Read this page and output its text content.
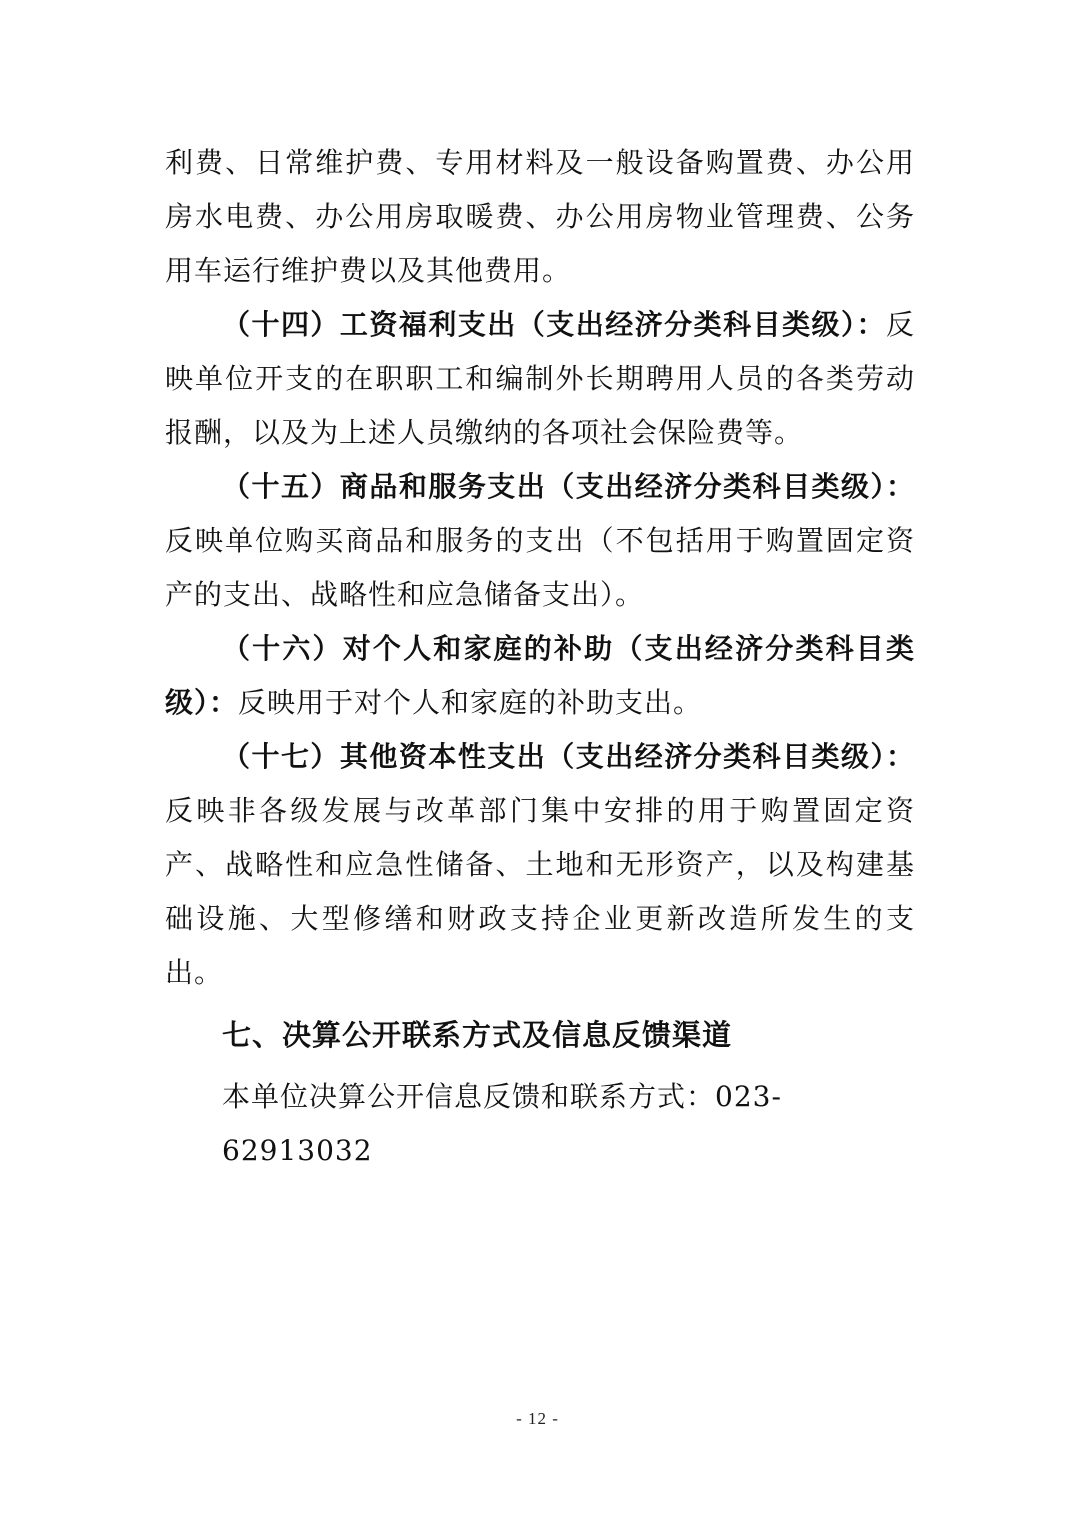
利费、日常维护费、专用材料及一般设备购置费、办公用房水电费、办公用房取暖费、办公用房物业管理费、公务用车运行维护费以及其他费用。

（十四）工资福利支出（支出经济分类科目类级）：反映单位开支的在职职工和编制外长期聘用人员的各类劳动报酬，以及为上述人员缴纳的各项社会保险费等。

（十五）商品和服务支出（支出经济分类科目类级）：反映单位购买商品和服务的支出（不包括用于购置固定资产的支出、战略性和应急储备支出）。

（十六）对个人和家庭的补助（支出经济分类科目类级）：反映用于对个人和家庭的补助支出。

（十七）其他资本性支出（支出经济分类科目类级）：反映非各级发展与改革部门集中安排的用于购置固定资产、战略性和应急性储备、土地和无形资产，以及构建基础设施、大型修缮和财政支持企业更新改造所发生的支出。

七、决算公开联系方式及信息反馈渠道

本单位决算公开信息反馈和联系方式：023-62913032

- 12 -
